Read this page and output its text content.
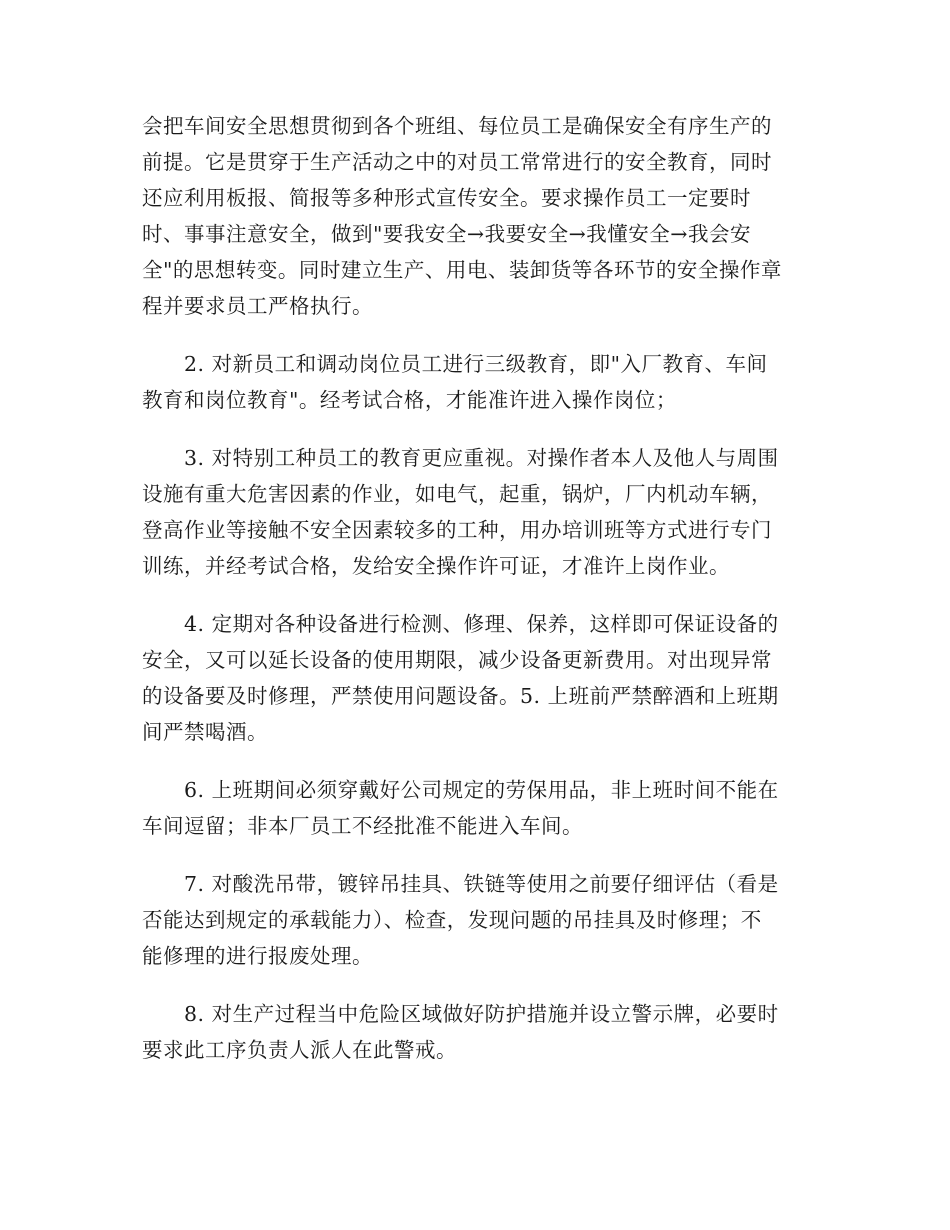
会把车间安全思想贯彻到各个班组、每位员工是确保安全有序生产的
前提。它是贯穿于生产活动之中的对员工常常进行的安全教育，同时
还应利用板报、简报等多种形式宣传安全。要求操作员工一定要时
时、事事注意安全，做到"要我安全→我要安全→我懂安全→我会安
全"的思想转变。同时建立生产、用电、装卸货等各环节的安全操作章
程并要求员工严格执行。
2. 对新员工和调动岗位员工进行三级教育，即"入厂教育、车间
教育和岗位教育"。经考试合格，才能准许进入操作岗位；
3. 对特别工种员工的教育更应重视。对操作者本人及他人与周围
设施有重大危害因素的作业，如电气，起重，锅炉，厂内机动车辆，
登高作业等接触不安全因素较多的工种，用办培训班等方式进行专门
训练，并经考试合格，发给安全操作许可证，才准许上岗作业。
4. 定期对各种设备进行检测、修理、保养，这样即可保证设备的
安全，又可以延长设备的使用期限，减少设备更新费用。对出现异常
的设备要及时修理，严禁使用问题设备。5. 上班前严禁醉酒和上班期
间严禁喝酒。
6. 上班期间必须穿戴好公司规定的劳保用品，非上班时间不能在
车间逗留；非本厂员工不经批准不能进入车间。
7. 对酸洗吊带，镀锌吊挂具、铁链等使用之前要仔细评估（看是
否能达到规定的承载能力）、检查，发现问题的吊挂具及时修理；不
能修理的进行报废处理。
8. 对生产过程当中危险区域做好防护措施并设立警示牌，必要时
要求此工序负责人派人在此警戒。
